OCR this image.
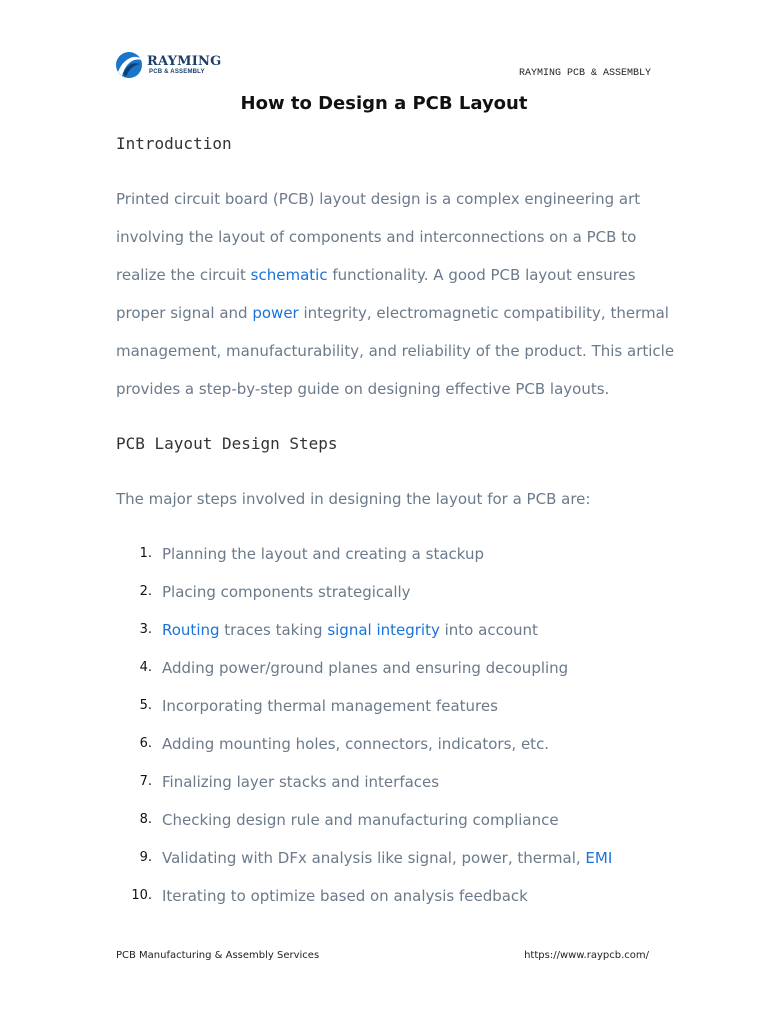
RAYMING
PCB & ASSEMBLY	RAYMING PCB & ASSEMBLY
How to Design a PCB Layout
Introduction

Printed circuit board (PCB) layout design is a complex engineering art involving the layout of components and interconnections on a PCB to realize the circuit schematic functionality. A good PCB layout ensures proper signal and power integrity, electromagnetic compatibility, thermal management, manufacturability, and reliability of the product. This article provides a step-by-step guide on designing effective PCB layouts.

PCB Layout Design Steps

The major steps involved in designing the layout for a PCB are:

1. Planning the layout and creating a stackup
2. Placing components strategically
3. Routing traces taking signal integrity into account
4. Adding power/ground planes and ensuring decoupling
5. Incorporating thermal management features
6. Adding mounting holes, connectors, indicators, etc.
7. Finalizing layer stacks and interfaces
8. Checking design rule and manufacturing compliance
9. Validating with DFx analysis like signal, power, thermal, EMI
10. Iterating to optimize based on analysis feedback
PCB Manufacturing & Assembly Services	https://www.raypcb.com/
